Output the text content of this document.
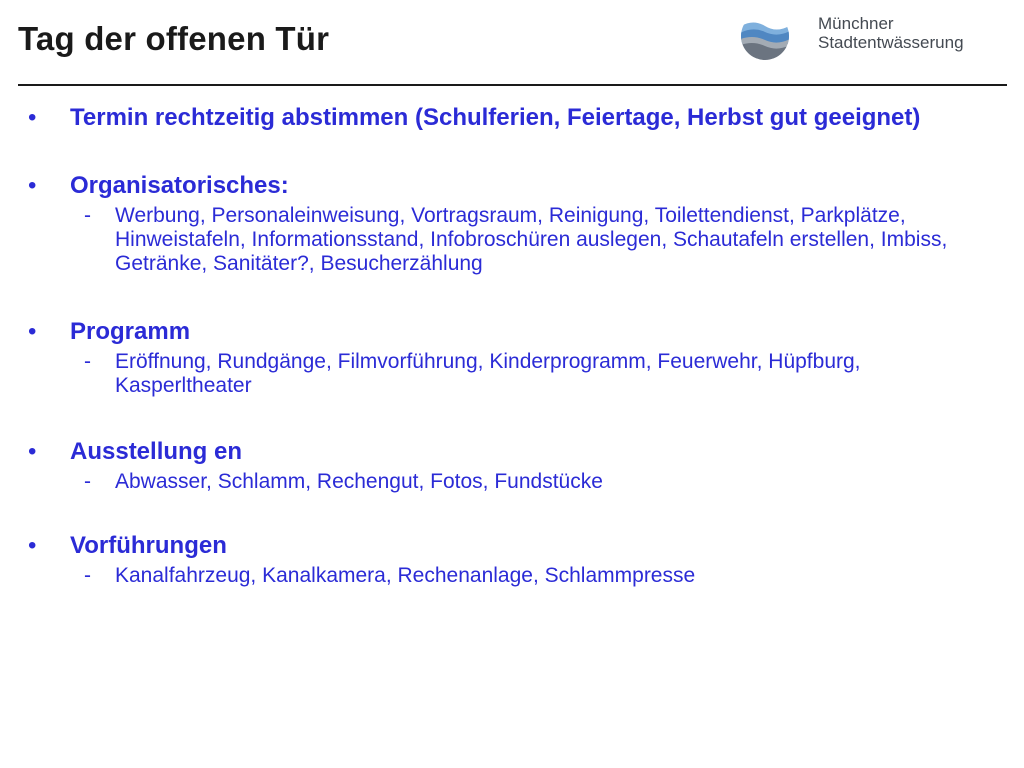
Tag der offenen Tür	Münchner
Stadtentwässerung
• Termin rechtzeitig abstimmen (Schulferien, Feiertage, Herbst gut geeignet)
• Organisatorisches:
- Werbung, Personaleinweisung, Vortragsraum, Reinigung, Toilettendienst, Parkplätze, Hinweistafeln, Informationsstand, Infobroschüren auslegen, Schautafeln erstellen, Imbiss, Getränke, Sanitäter?, Besucherzählung
• Programm
- Eröffnung, Rundgänge, Filmvorführung, Kinderprogramm, Feuerwehr, Hüpfburg, Kasperltheater
• Ausstellung en
- Abwasser, Schlamm, Rechengut, Fotos, Fundstücke
• Vorführungen
- Kanalfahrzeug, Kanalkamera, Rechenanlage, Schlammpresse
